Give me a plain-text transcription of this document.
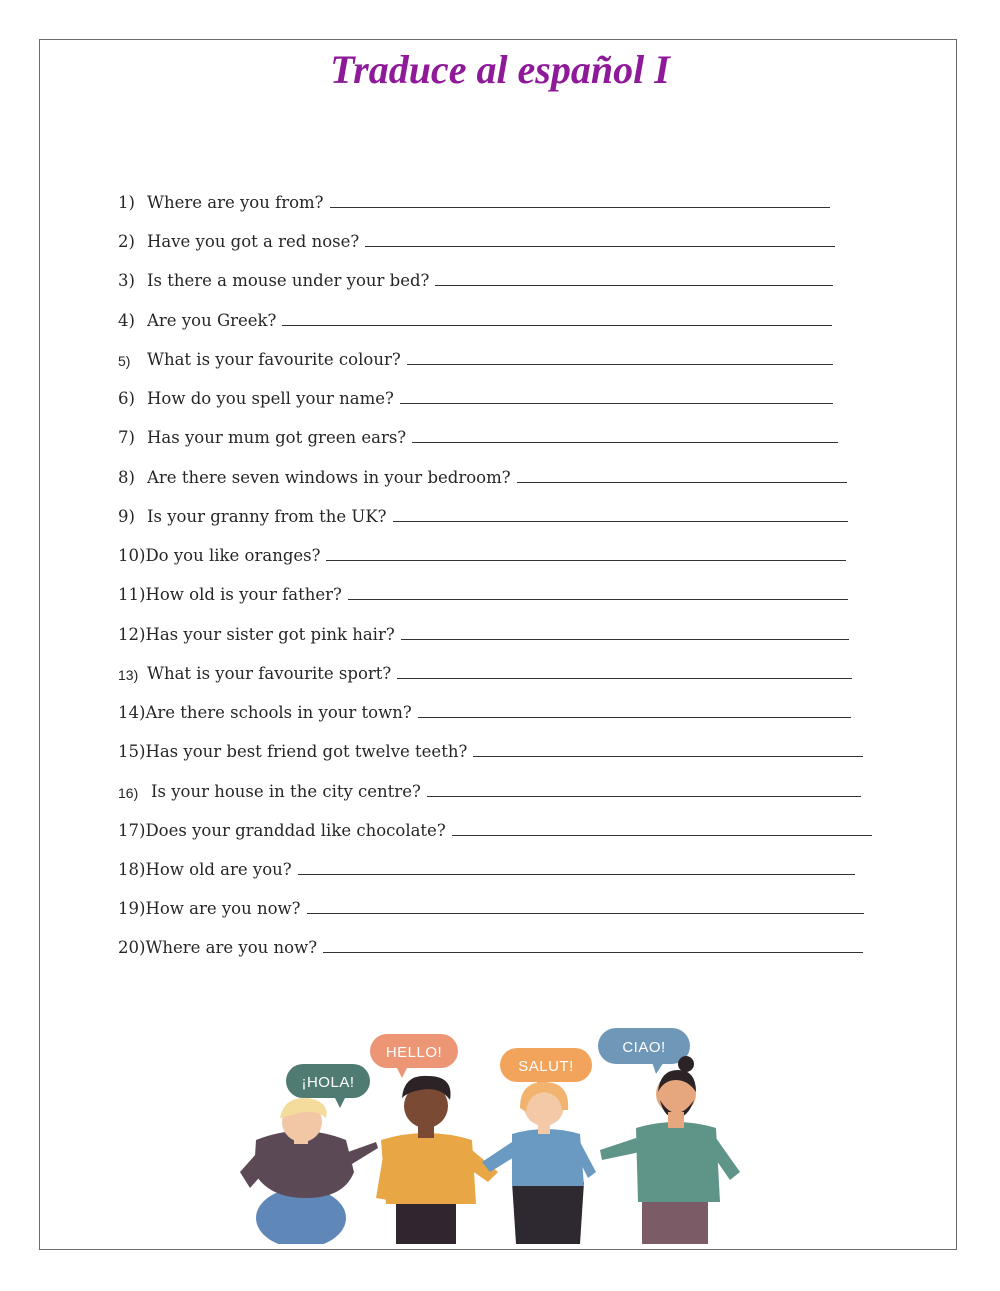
Traduce al español I
1) Where are you from?
2) Have you got a red nose?
3) Is there a mouse under your bed?
4) Are you Greek?
5)	What is your favourite colour?
6) How do you spell your name?
7) Has your mum got green ears?
8) Are there seven windows in your bedroom?
9) Is your granny from the UK?
10) Do you like oranges?
11) How old is your father?
12) Has your sister got pink hair?
13) What is your favourite sport?
14) Are there schools in your town?
15) Has your best friend got twelve teeth?
16) Is your house in the city centre?
17) Does your granddad like chocolate?
18) How old are you?
19) How are you now?
20) Where are you now?
¡HOLA!
HELLO!
SALUT!
CIAO!
